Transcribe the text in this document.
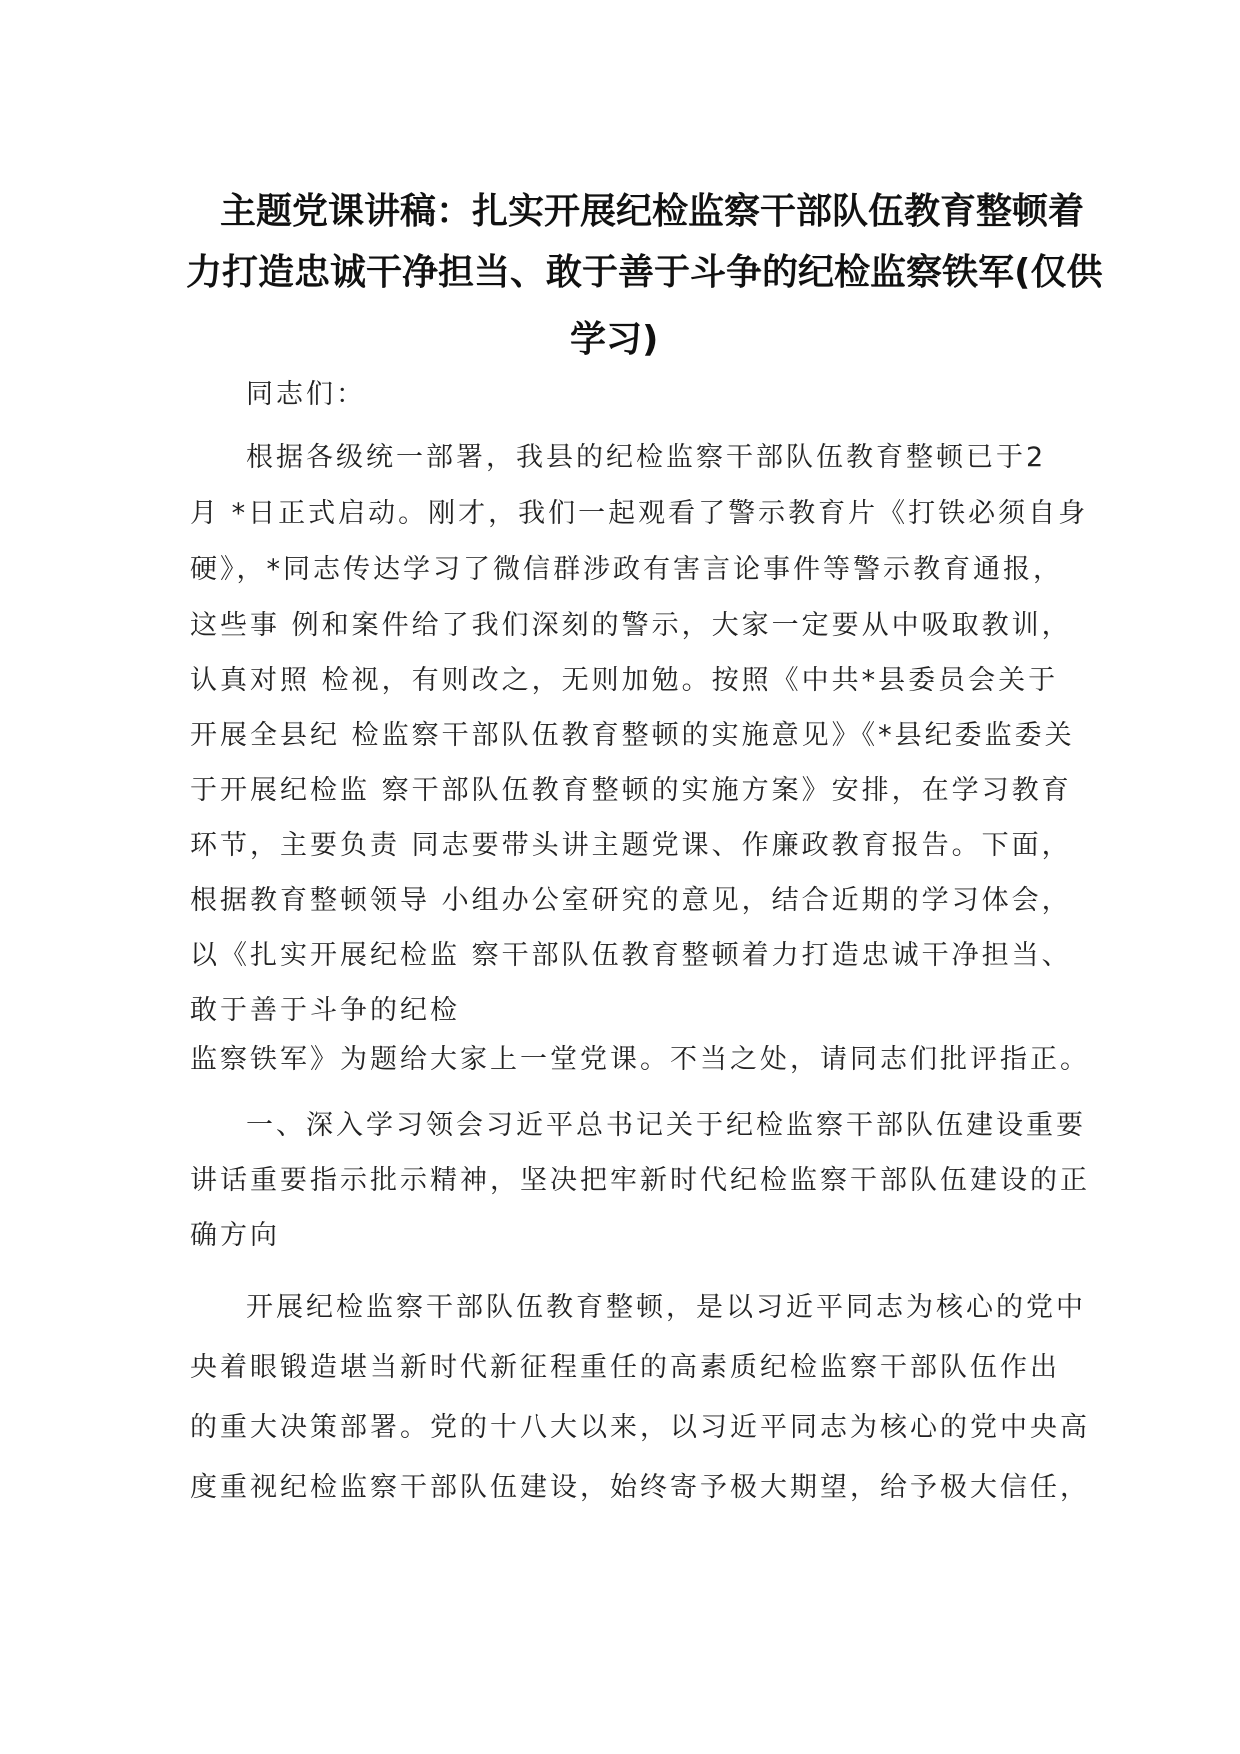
主题党课讲稿：扎实开展纪检监察干部队伍教育整顿着
力打造忠诚干净担当、敢于善于斗争的纪检监察铁军(仅供
学习)
同志们：
根据各级统一部署，我县的纪检监察干部队伍教育整顿已于2
月 *日正式启动。刚才，我们一起观看了警示教育片《打铁必须自身
硬》，*同志传达学习了微信群涉政有害言论事件等警示教育通报，
这些事 例和案件给了我们深刻的警示，大家一定要从中吸取教训，
认真对照 检视，有则改之，无则加勉。按照《中共*县委员会关于
开展全县纪 检监察干部队伍教育整顿的实施意见》《*县纪委监委关
于开展纪检监 察干部队伍教育整顿的实施方案》安排，在学习教育
环节，主要负责 同志要带头讲主题党课、作廉政教育报告。下面，
根据教育整顿领导 小组办公室研究的意见，结合近期的学习体会，
以《扎实开展纪检监 察干部队伍教育整顿着力打造忠诚干净担当、
敢于善于斗争的纪检
监察铁军》为题给大家上一堂党课。不当之处，请同志们批评指正。
一、深入学习领会习近平总书记关于纪检监察干部队伍建设重要
讲话重要指示批示精神，坚决把牢新时代纪检监察干部队伍建设的正
确方向
开展纪检监察干部队伍教育整顿，是以习近平同志为核心的党中
央着眼锻造堪当新时代新征程重任的高素质纪检监察干部队伍作出
的重大决策部署。党的十八大以来，以习近平同志为核心的党中央高
度重视纪检监察干部队伍建设，始终寄予极大期望，给予极大信任，
